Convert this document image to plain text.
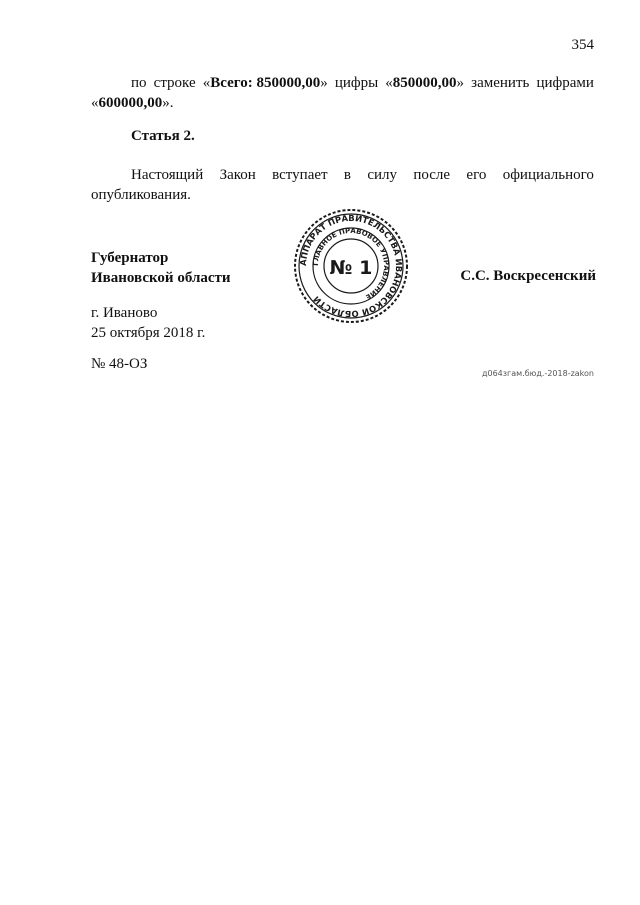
354
по строке «Всего: 850000,00» цифры «850000,00» заменить цифрами
«600000,00».
Статья 2.
Настоящий Закон вступает в силу после его официального
опубликования.
Губернатор
Ивановской области
АППАРАТ ПРАВИТЕЛЬСТВА ИВАНОВСКОЙ ОБЛАСТИ
ГЛАВНОЕ ПРАВОВОЕ УПРАВЛЕНИЕ
№ 1	С.С. Воскресенский
г. Иваново
25 октября 2018 г.
№ 48-ОЗ
д064згам.бюд.-2018-zakon
